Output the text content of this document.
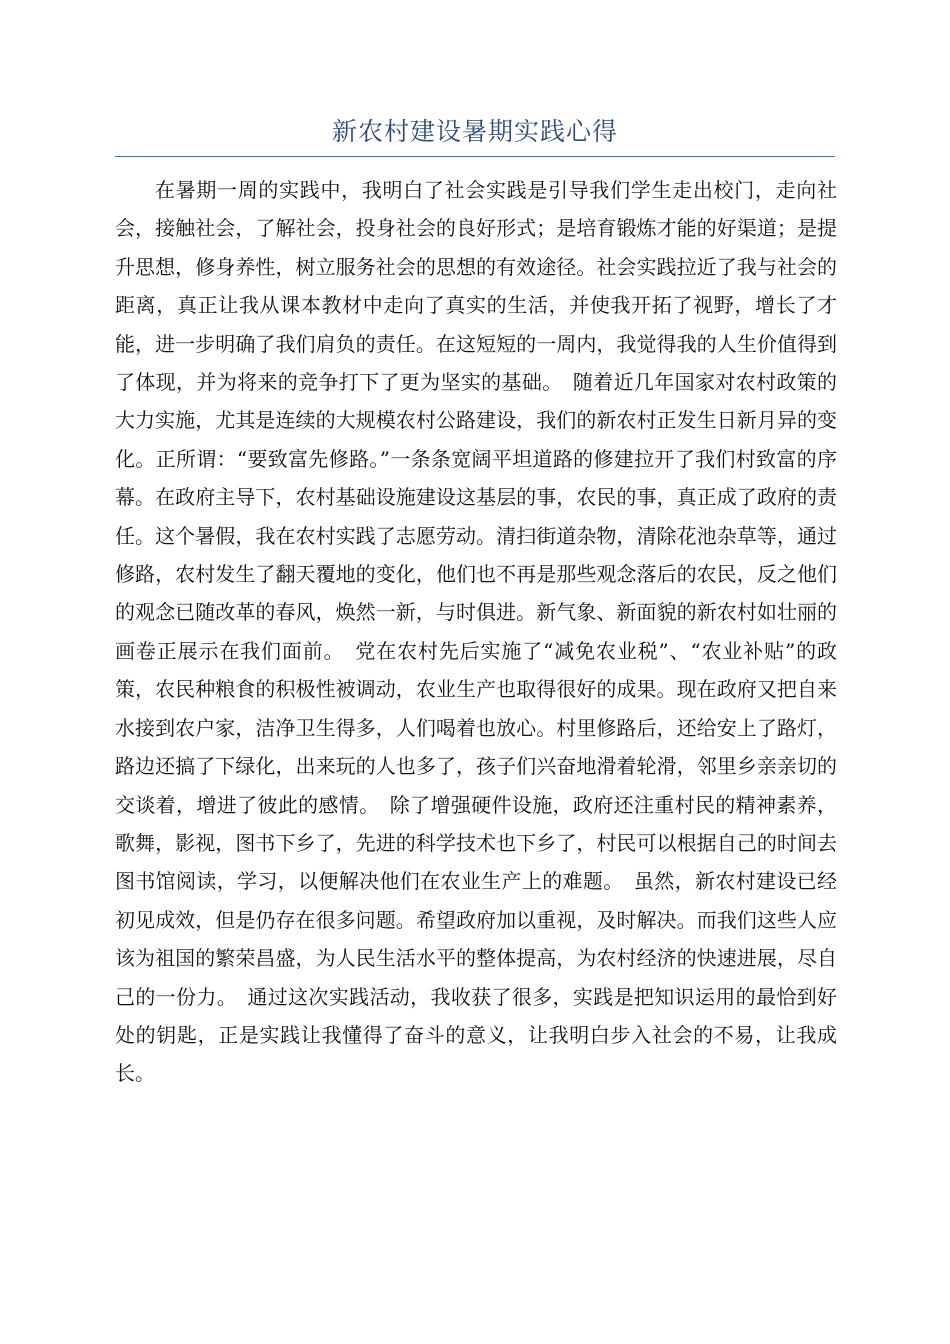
新农村建设暑期实践心得

在暑期一周的实践中，我明白了社会实践是引导我们学生走出校门，走向社会，接触社会，了解社会，投身社会的良好形式；是培育锻炼才能的好渠道；是提升思想，修身养性，树立服务社会的思想的有效途径。社会实践拉近了我与社会的距离，真正让我从课本教材中走向了真实的生活，并使我开拓了视野，增长了才能，进一步明确了我们肩负的责任。在这短短的一周内，我觉得我的人生价值得到了体现，并为将来的竞争打下了更为坚实的基础。　随着近几年国家对农村政策的大力实施，尤其是连续的大规模农村公路建设，我们的新农村正发生日新月异的变化。正所谓：“要致富先修路。”一条条宽阔平坦道路的修建拉开了我们村致富的序幕。在政府主导下，农村基础设施建设这基层的事，农民的事，真正成了政府的责任。这个暑假，我在农村实践了志愿劳动。清扫街道杂物，清除花池杂草等，通过修路，农村发生了翻天覆地的变化，他们也不再是那些观念落后的农民，反之他们的观念已随改革的春风，焕然一新，与时俱进。新气象、新面貌的新农村如壮丽的画卷正展示在我们面前。　党在农村先后实施了“减免农业税”、“农业补贴”的政策，农民种粮食的积极性被调动，农业生产也取得很好的成果。现在政府又把自来水接到农户家，洁净卫生得多，人们喝着也放心。村里修路后，还给安上了路灯，路边还搞了下绿化，出来玩的人也多了，孩子们兴奋地滑着轮滑，邻里乡亲亲切的交谈着，增进了彼此的感情。　除了增强硬件设施，政府还注重村民的精神素养，歌舞，影视，图书下乡了，先进的科学技术也下乡了，村民可以根据自己的时间去图书馆阅读，学习，以便解决他们在农业生产上的难题。　虽然，新农村建设已经初见成效，但是仍存在很多问题。希望政府加以重视，及时解决。而我们这些人应该为祖国的繁荣昌盛，为人民生活水平的整体提高，为农村经济的快速进展，尽自己的一份力。　通过这次实践活动，我收获了很多，实践是把知识运用的最恰到好处的钥匙，正是实践让我懂得了奋斗的意义，让我明白步入社会的不易，让我成长。
